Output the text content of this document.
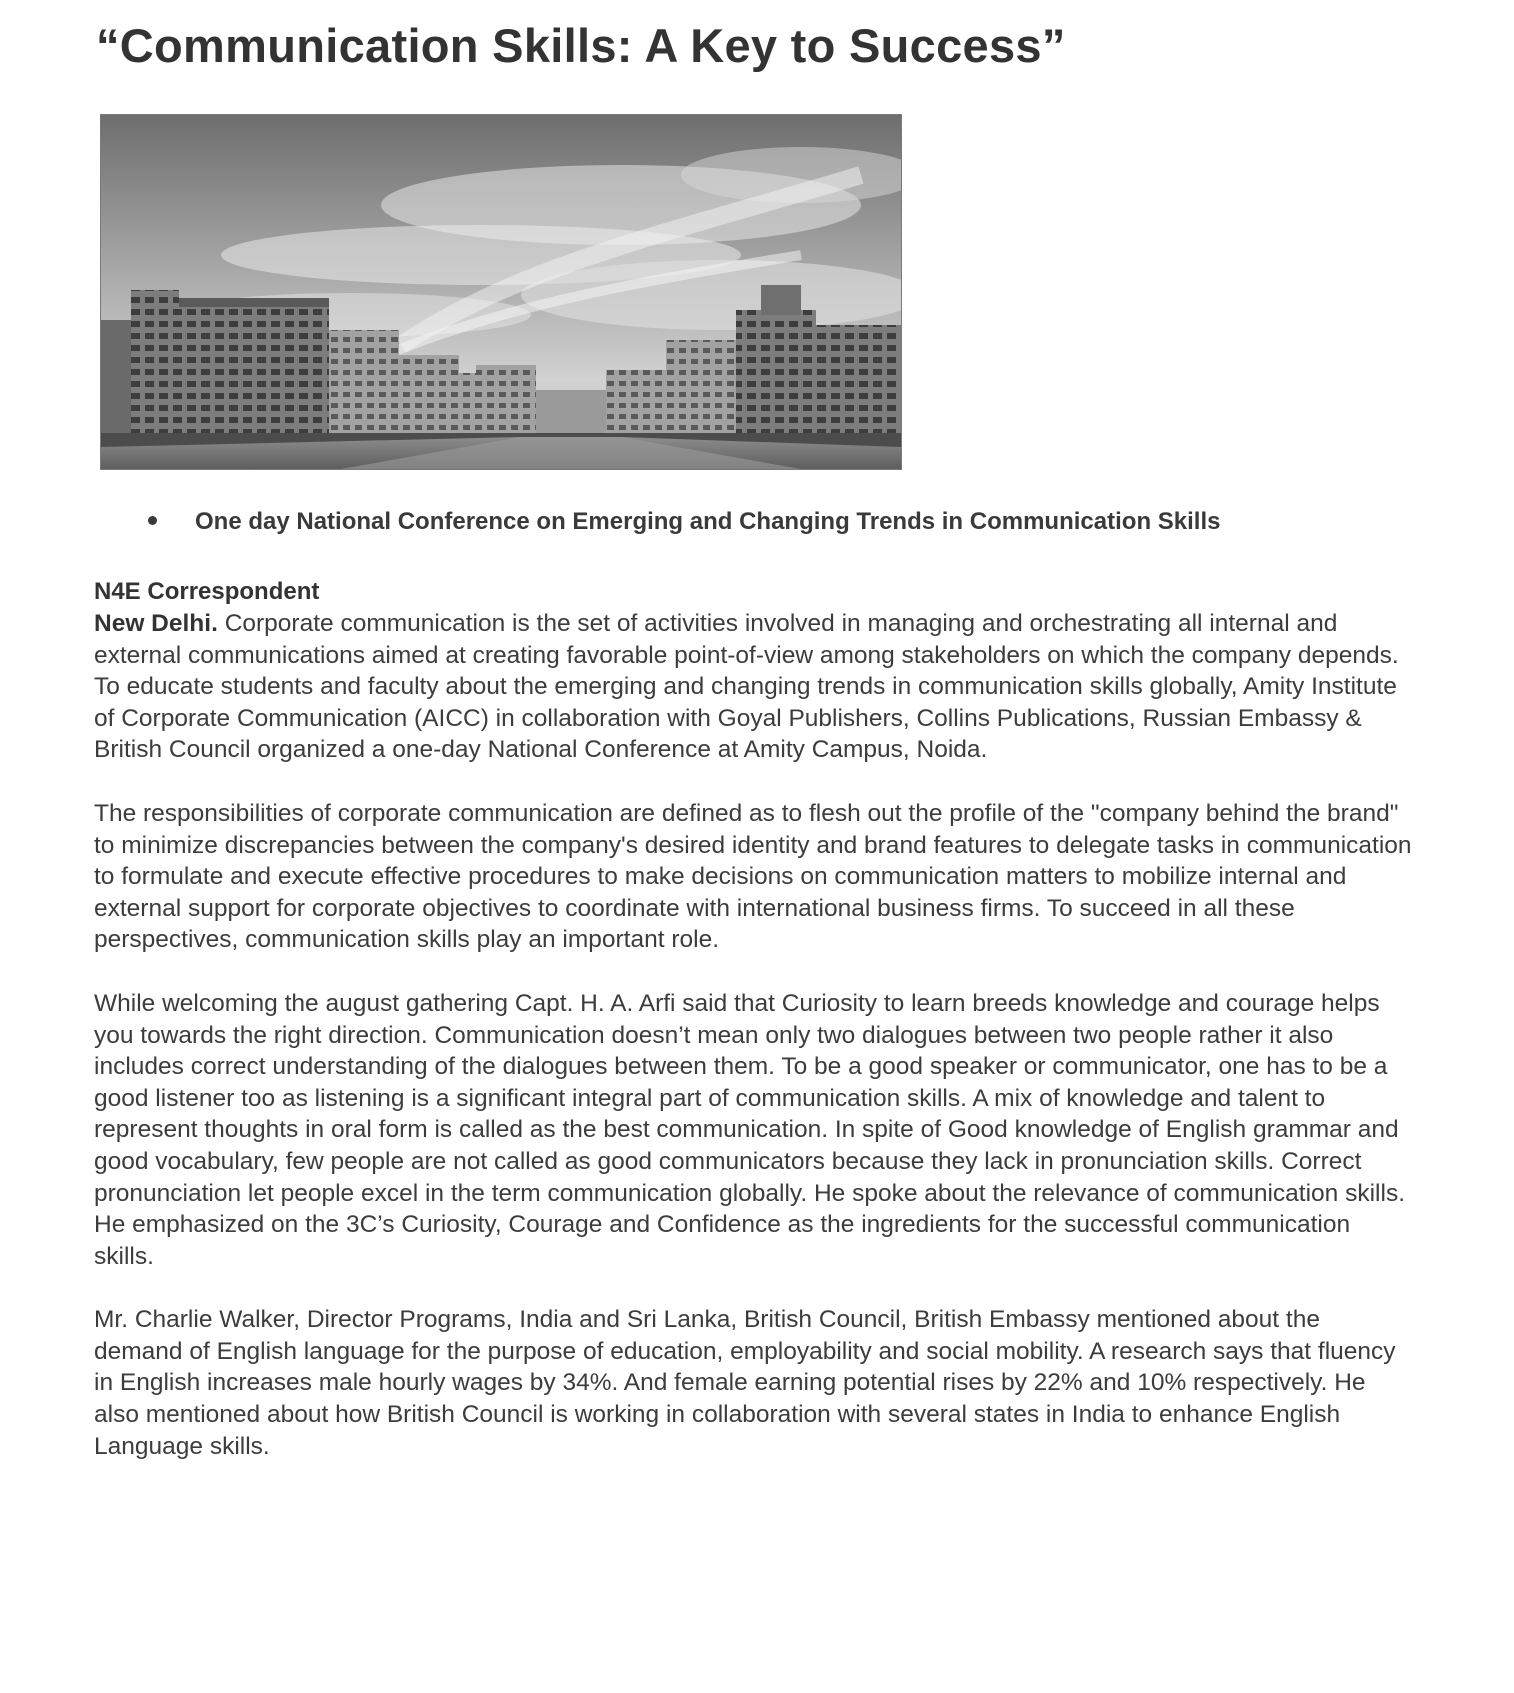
“Communication Skills: A Key to Success”
One day National Conference on Emerging and Changing Trends in Communication Skills

N4E Correspondent

New Delhi. Corporate communication is the set of activities involved in managing and orchestrating all internal and external communications aimed at creating favorable point-of-view among stakeholders on which the company depends. To educate students and faculty about the emerging and changing trends in communication skills globally, Amity Institute of Corporate Communication (AICC) in collaboration with Goyal Publishers, Collins Publications, Russian Embassy & British Council organized a one-day National Conference at Amity Campus, Noida.

The responsibilities of corporate communication are defined as to flesh out the profile of the "company behind the brand" to minimize discrepancies between the company's desired identity and brand features to delegate tasks in communication to formulate and execute effective procedures to make decisions on communication matters to mobilize internal and external support for corporate objectives to coordinate with international business firms. To succeed in all these perspectives, communication skills play an important role.

While welcoming the august gathering Capt. H. A. Arfi said that Curiosity to learn breeds knowledge and courage helps you towards the right direction. Communication doesn’t mean only two dialogues between two people rather it also includes correct understanding of the dialogues between them. To be a good speaker or communicator, one has to be a good listener too as listening is a significant integral part of communication skills. A mix of knowledge and talent to represent thoughts in oral form is called as the best communication. In spite of Good knowledge of English grammar and good vocabulary, few people are not called as good communicators because they lack in pronunciation skills. Correct pronunciation let people excel in the term communication globally. He spoke about the relevance of communication skills. He emphasized on the 3C’s Curiosity, Courage and Confidence as the ingredients for the successful communication skills.

Mr. Charlie Walker, Director Programs, India and Sri Lanka, British Council, British Embassy mentioned about the demand of English language for the purpose of education, employability and social mobility. A research says that fluency in English increases male hourly wages by 34%. And female earning potential rises by 22% and 10% respectively. He also mentioned about how British Council is working in collaboration with several states in India to enhance English Language skills.
